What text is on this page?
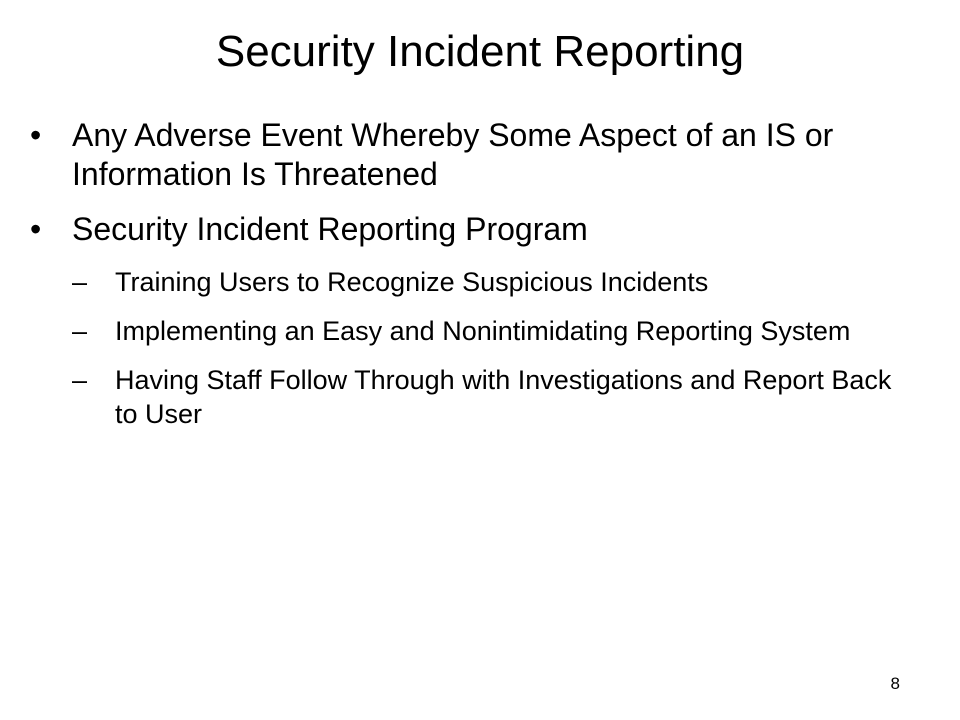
Security Incident Reporting
• Any Adverse Event Whereby Some Aspect of an IS or Information Is Threatened
• Security Incident Reporting Program
–	Training Users to Recognize Suspicious Incidents
–	Implementing an Easy and Nonintimidating Reporting System
–	Having Staff Follow Through with Investigations and Report Back to User
8
